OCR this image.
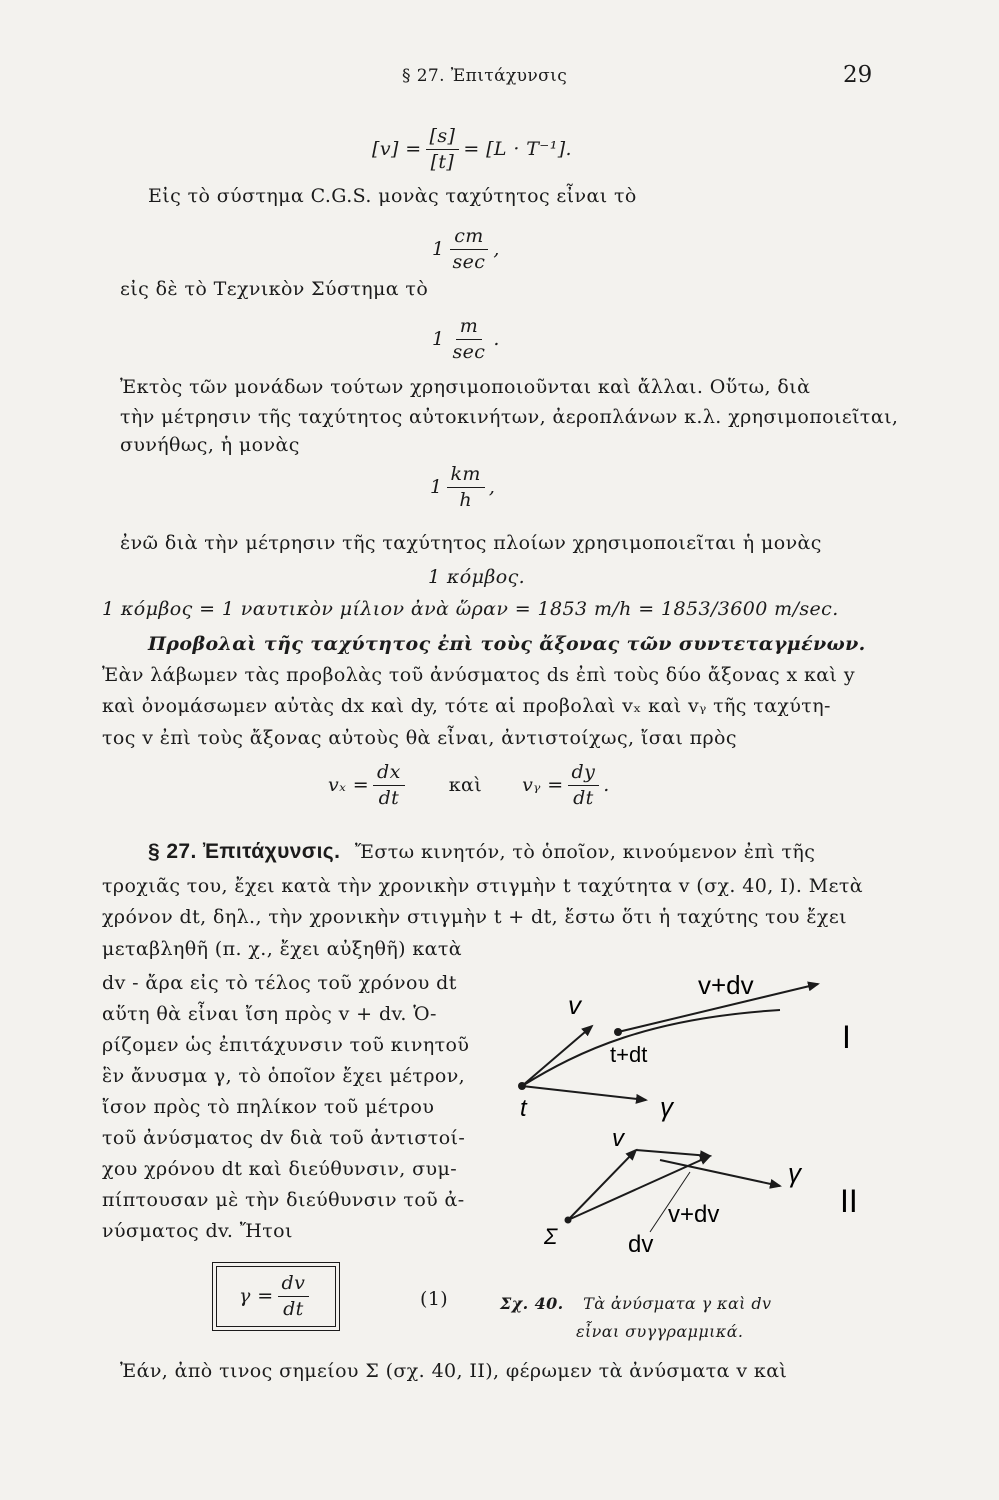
§ 27. Ἐπιτάχυνσις	29
$[v] = \frac{[s]}{[t]} = [L \cdot T^{-1}]$.
Εἰς τὸ σύστημα C.G.S. μονὰς ταχύτητος εἶναι τὸ
$1 \frac{cm}{\sec}$ ,
εἰς δὲ τὸ Τεχνικὸν Σύστημα τὸ
$1 \frac{m}{\sec}$ .
Ἐκτὸς τῶν μονάδων τούτων χρησιμοποιοῦνται καὶ ἄλλαι. Οὕτω, διὰ
τὴν μέτρησιν τῆς ταχύτητος αὐτοκινήτων, ἀεροπλάνων κ.λ. χρησιμοποιεῖται,
συνήθως, ἡ μονὰς
$1 \frac{km}{h}$ ,
ἐνῶ διὰ τὴν μέτρησιν τῆς ταχύτητος πλοίων χρησιμοποιεῖται ἡ μονὰς
1 κόμβος.
1 κόμβος = 1 ναυτικὸν μίλιον ἀνὰ ὥραν = 1853 m/h = 1853/3600 m/sec.
Προβολαὶ τῆς ταχύτητος ἐπὶ τοὺς ἄξονας τῶν συντεταγμένων.
Ἐὰν λάβωμεν τὰς προβολὰς τοῦ ἀνύσματος ds ἐπὶ τοὺς δύο ἄξονας x καὶ y
καὶ ὀνομάσωμεν αὐτὰς dx καὶ dy, τότε αἱ προβολαὶ vₓ καὶ vᵧ τῆς ταχύτη-
τος v ἐπὶ τοὺς ἄξονας αὐτοὺς θὰ εἶναι, ἀντιστοίχως, ἴσαι πρὸς
$v_x = \frac{dx}{dt}$ καὶ vᵧ = $\frac{dy}{dt}$ .
§ 27. Ἐπιτάχυνσις. Ἔστω κινητόν, τὸ ὁποῖον, κινούμενον ἐπὶ τῆς
τροχιᾶς του, ἔχει κατὰ τὴν χρονικὴν στιγμὴν t ταχύτητα v (σχ. 40, I). Μετὰ
χρόνον dt, δηλ., τὴν χρονικὴν στιγμὴν t + dt, ἔστω ὅτι ἡ ταχύτης του ἔχει
μεταβληθῆ (π. χ., ἔχει αὐξηθῆ) κατὰ
dv - ἄρα εἰς τὸ τέλος τοῦ χρόνου dt
αὕτη θὰ εἶναι ἴση πρὸς v + dv. Ὁ-
ρίζομεν ὡς ἐπιτάχυνσιν τοῦ κινητοῦ
ἓν ἄνυσμα γ, τὸ ὁποῖον ἔχει μέτρον,
ἴσον πρὸς τὸ πηλίκον τοῦ μέτρου
τοῦ ἀνύσματος dv διὰ τοῦ ἀντιστοί-
χου χρόνου dt καὶ διεύθυνσιν, συμ-
πίπτουσαν μὲ τὴν διεύθυνσιν τοῦ ἀ-
νύσματος dv. Ἤτοι
$\gamma = \frac{dv}{dt}$	(1)	Σχ. 40. Τὰ ἀνύσματα γ καὶ dv
εἶναι συγγραμμικά.
v
v+dv
t
t+dt
γ
I
v
v+dv
γ
Σ	dv
II
Ἐάν, ἀπὸ τινος σημείου Σ (σχ. 40, II), φέρωμεν τὰ ἀνύσματα v καὶ
